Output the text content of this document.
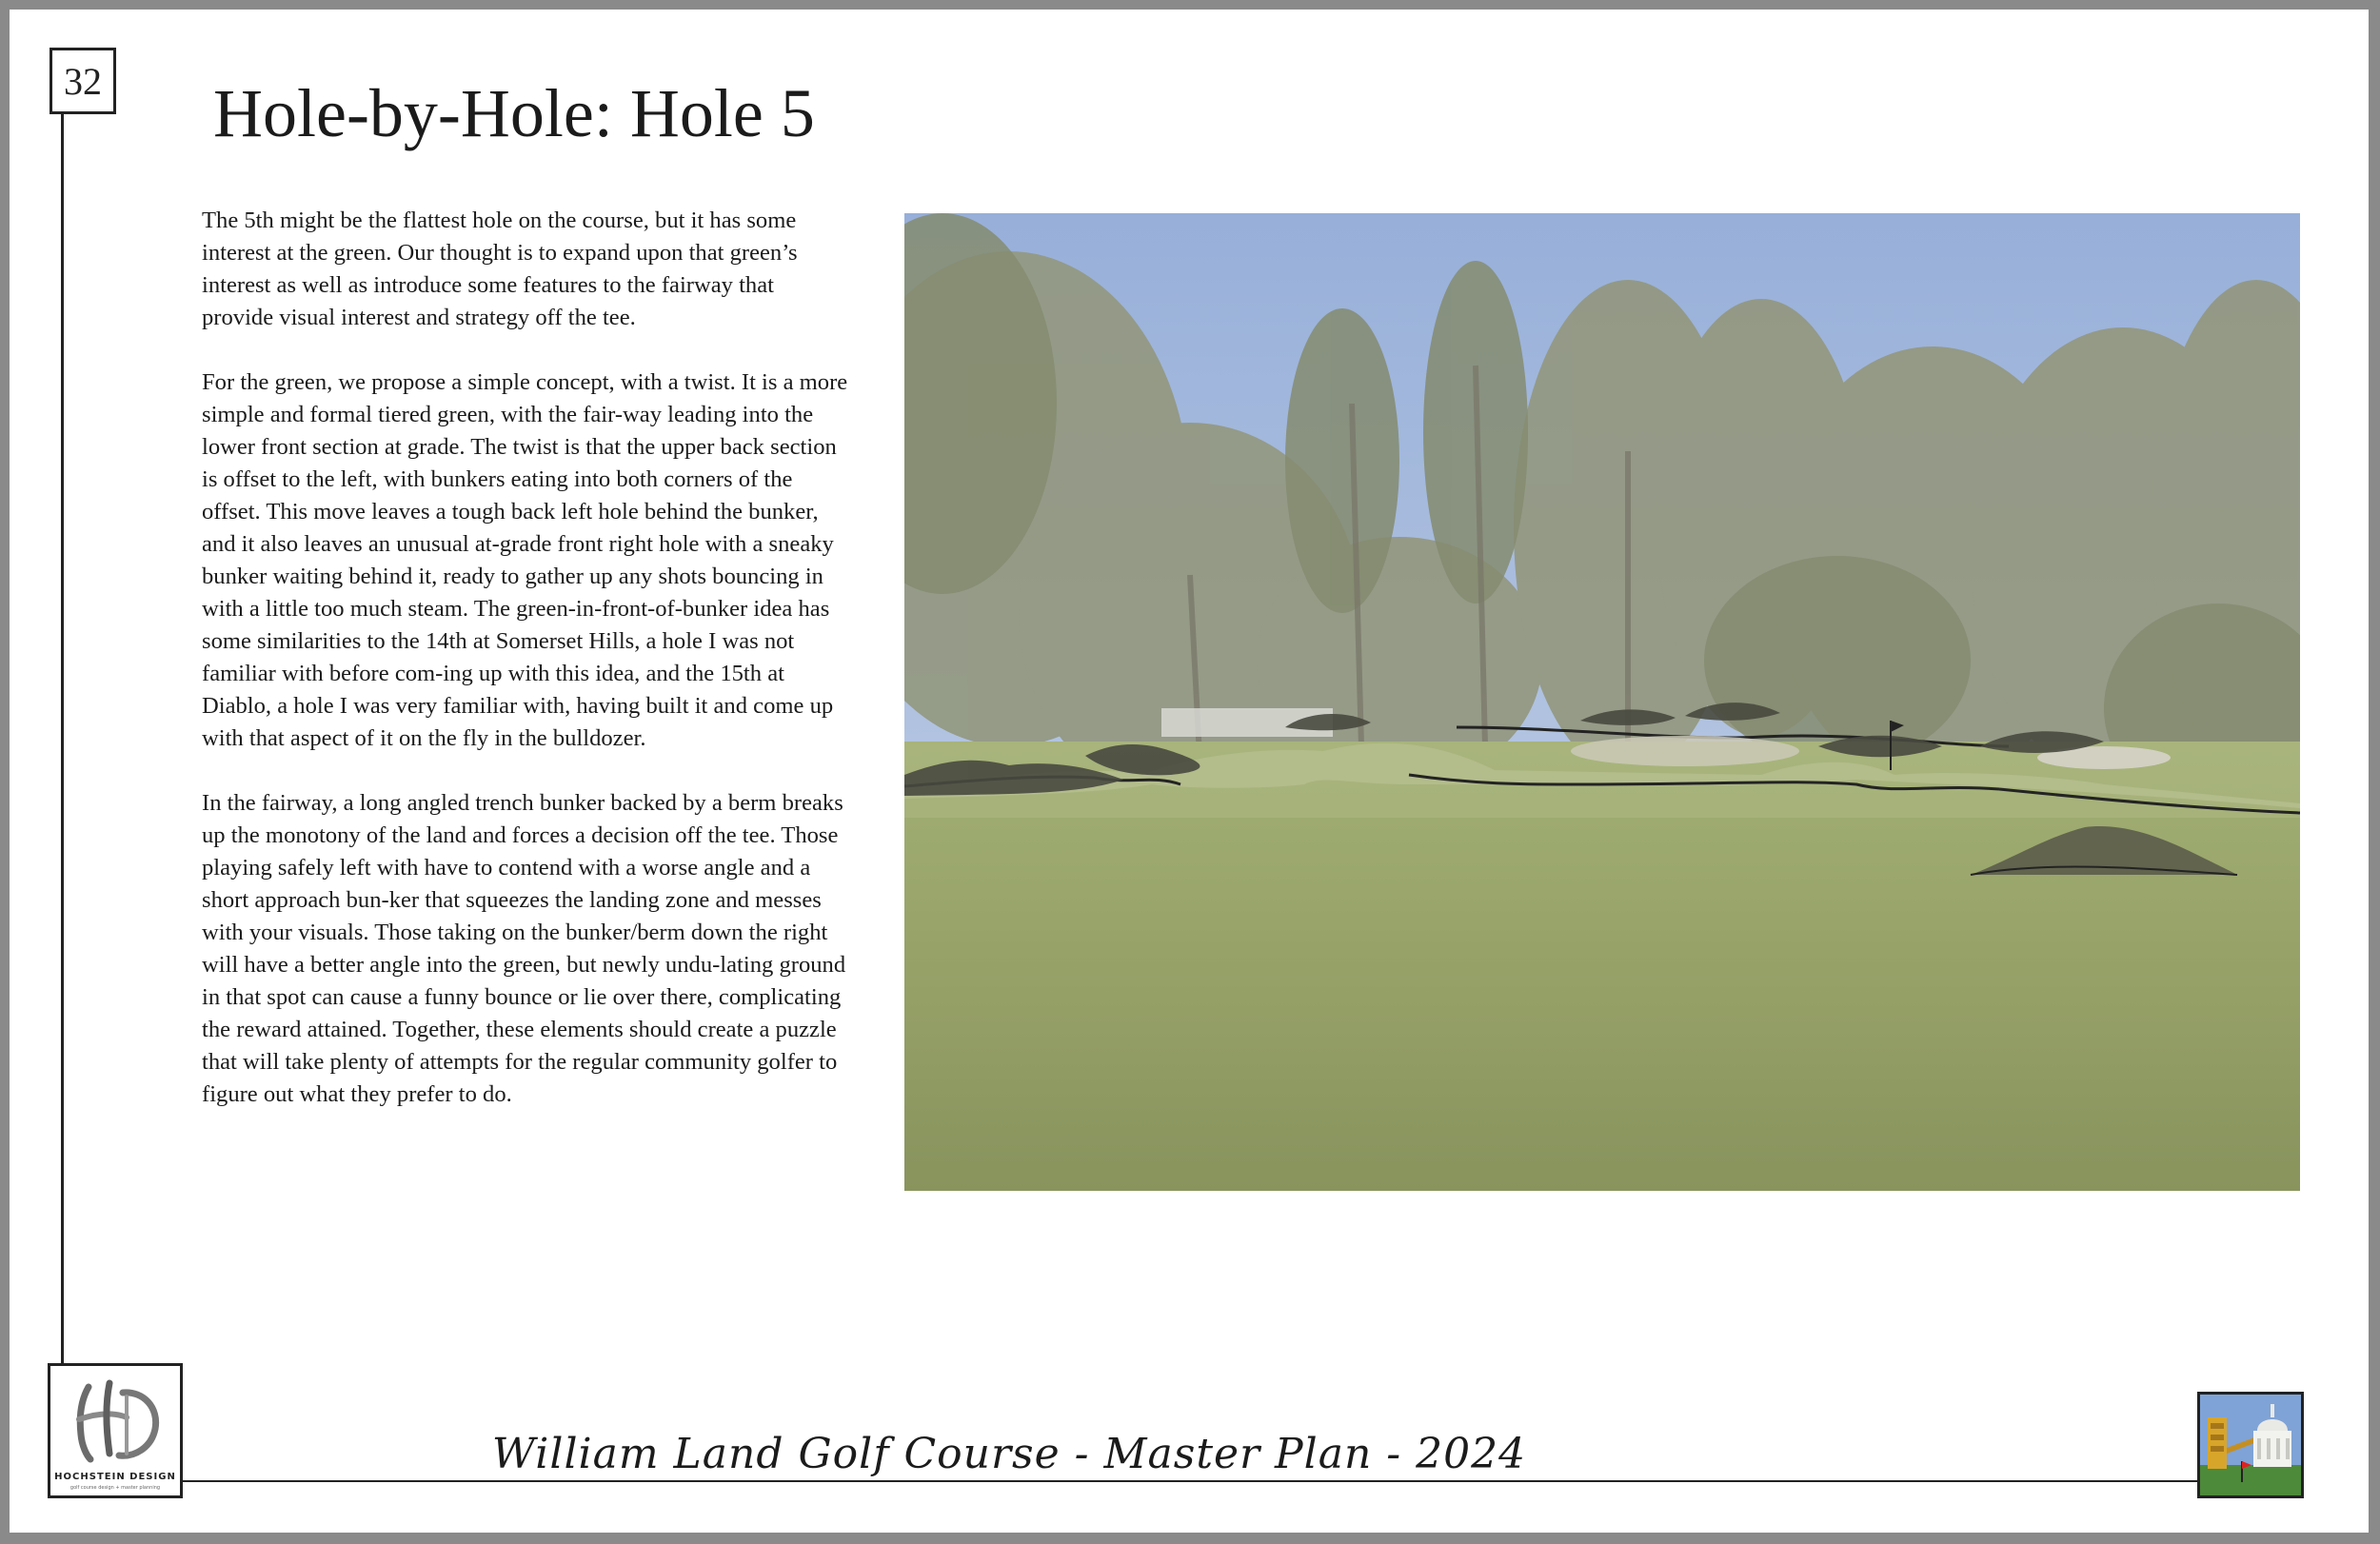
32 Hole-by-Hole: Hole 5

The 5th might be the flattest hole on the course, but it has some interest at the green. Our thought is to expand upon that green’s interest as well as introduce some features to the fairway that provide visual interest and strategy off the tee.

For the green, we propose a simple concept, with a twist. It is a more simple and formal tiered green, with the fair-way leading into the lower front section at grade. The twist is that the upper back section is offset to the left, with bunkers eating into both corners of the offset. This move leaves a tough back left hole behind the bunker, and it also leaves an unusual at-grade front right hole with a sneaky bunker waiting behind it, ready to gather up any shots bouncing in with a little too much steam. The green-in-front-of-bunker idea has some similarities to the 14th at Somerset Hills, a hole I was not familiar with before com-ing up with this idea, and the 15th at Diablo, a hole I was very familiar with, having built it and come up with that aspect of it on the fly in the bulldozer.

In the fairway, a long angled trench bunker backed by a berm breaks up the monotony of the land and forces a decision off the tee. Those playing safely left with have to contend with a worse angle and a short approach bun-ker that squeezes the landing zone and messes with your visuals. Those taking on the bunker/berm down the right will have a better angle into the green, but newly undu-lating ground in that spot can cause a funny bounce or lie over there, complicating the reward attained. Together, these elements should create a puzzle that will take plenty of attempts for the regular community golfer to figure out what they prefer to do.

HOCHSTEIN DESIGN
golf course design + master planning
William Land Golf Course - Master Plan - 2024
